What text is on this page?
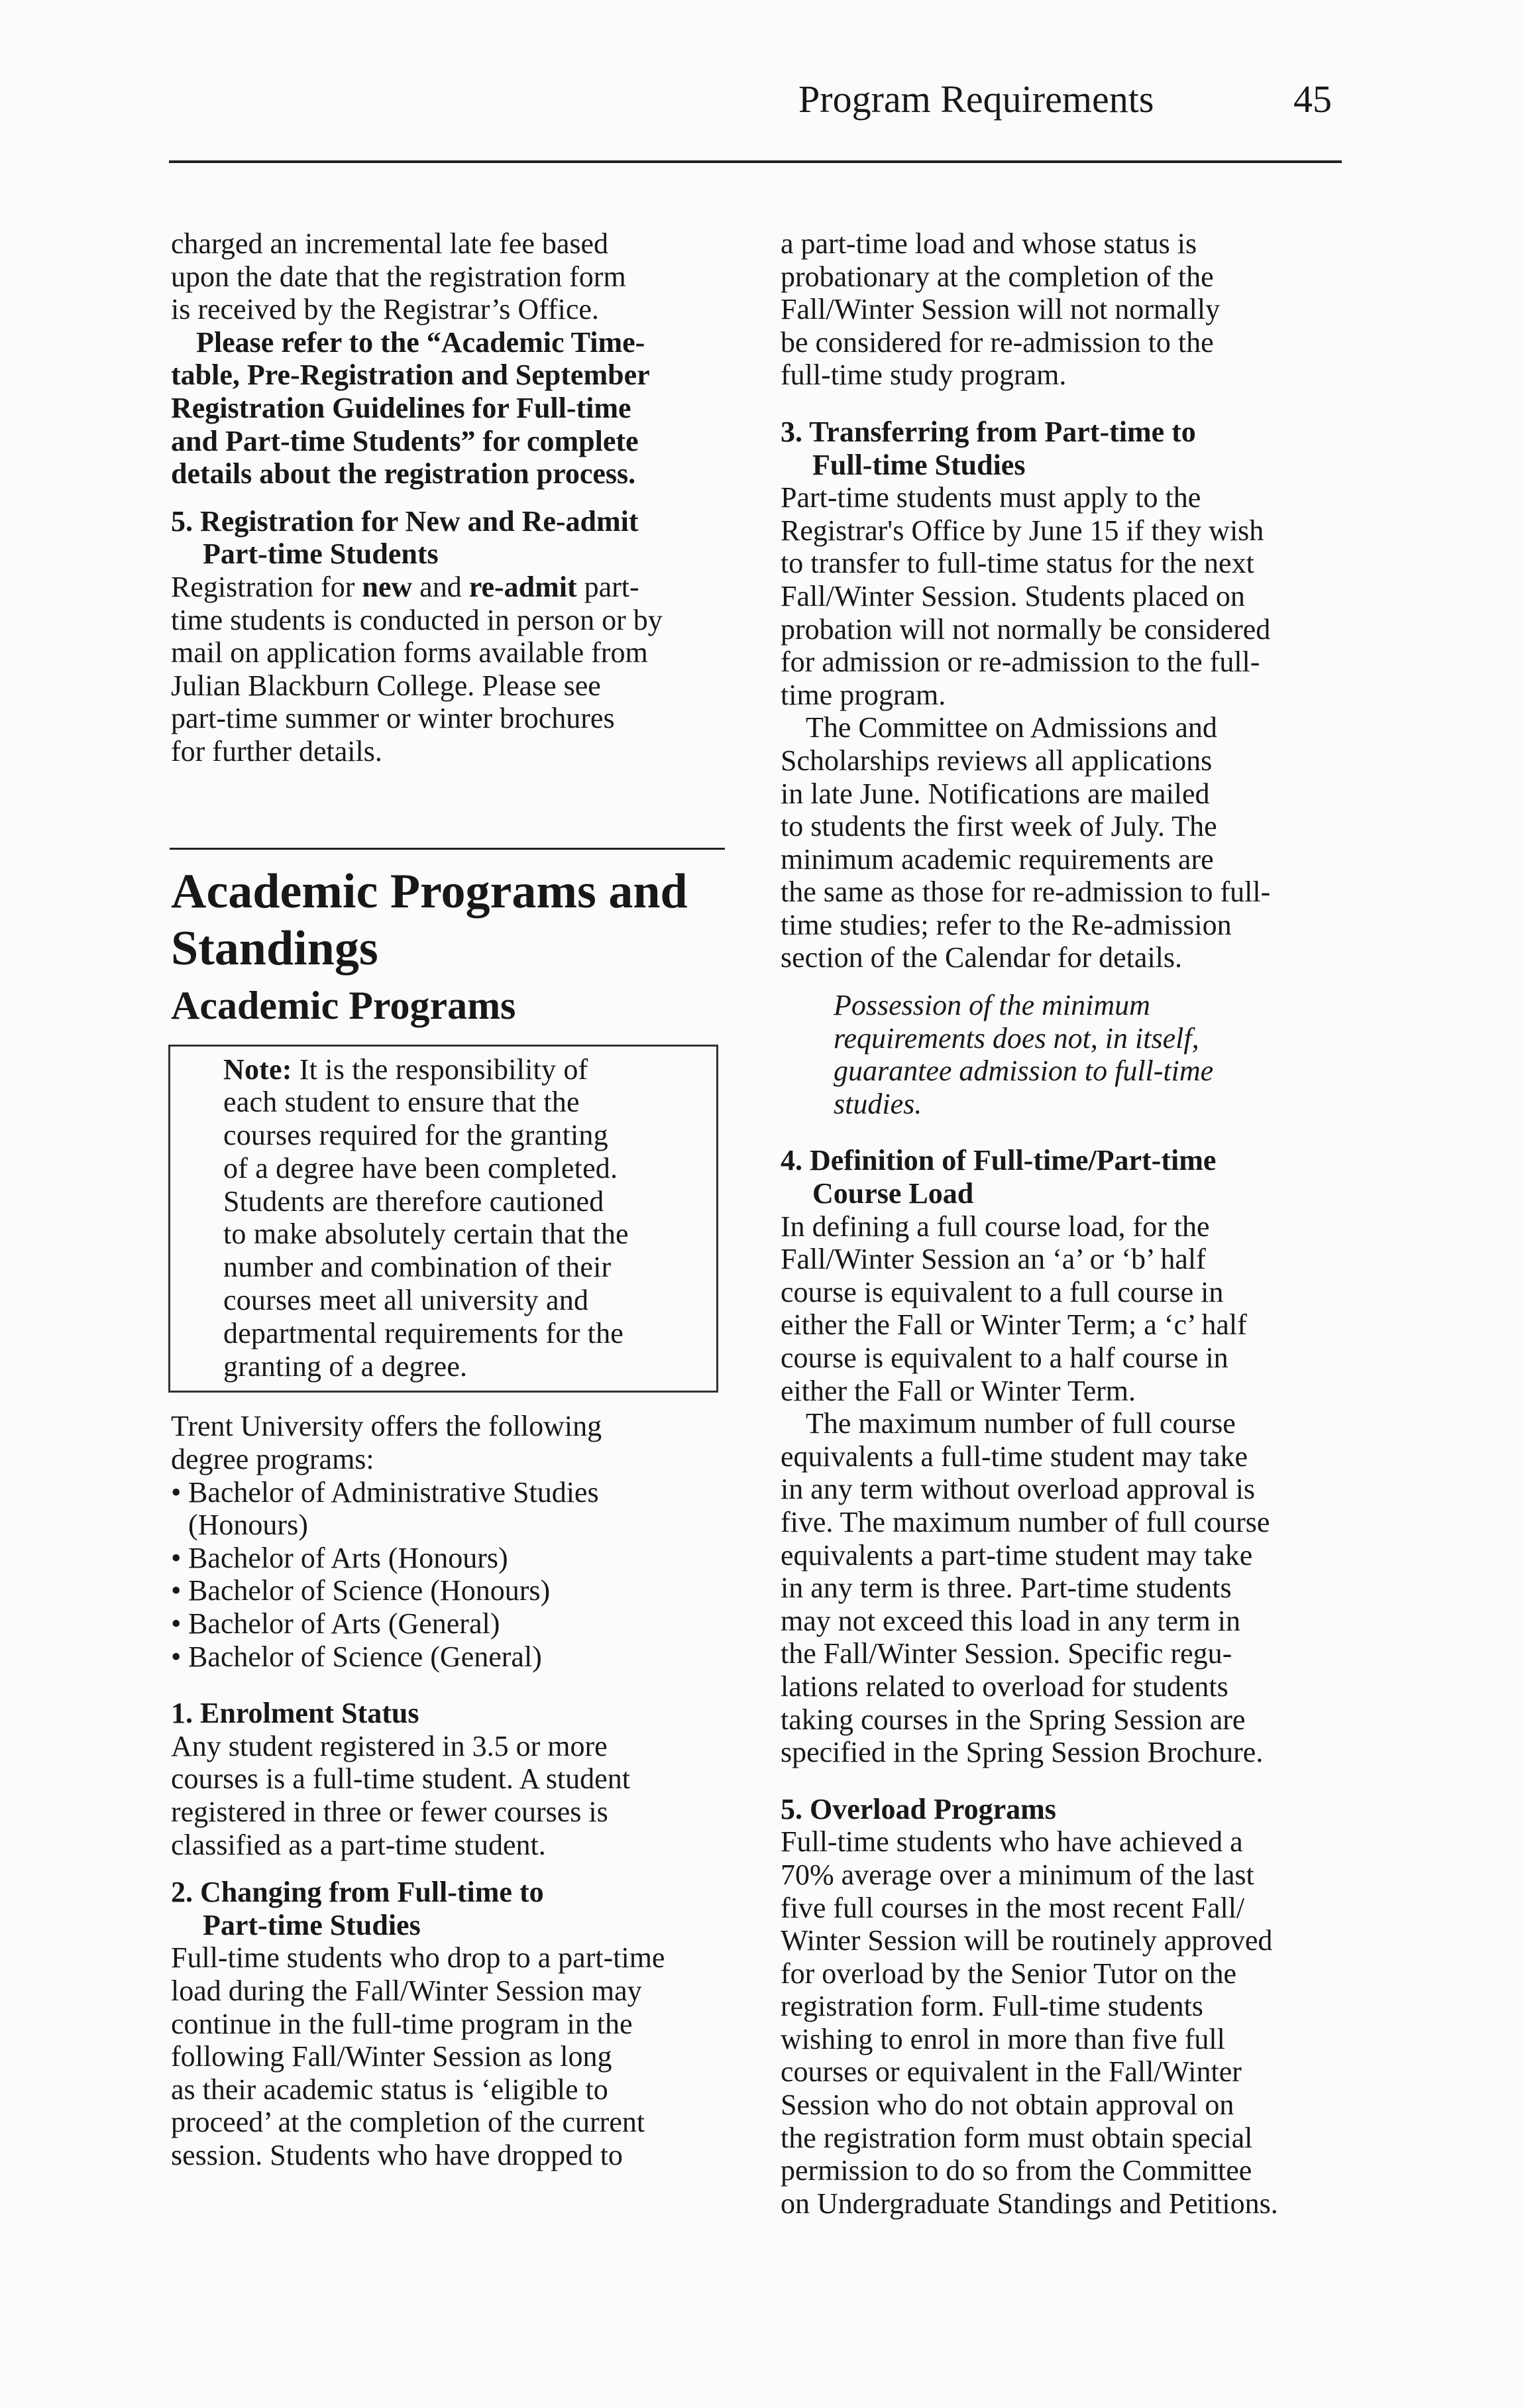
Program Requirements	45

charged an incremental late fee based
upon the date that the registration form
is received by the Registrar’s Office.

Please refer to the “Academic Time-
table, Pre-Registration and September
Registration Guidelines for Full-time
and Part-time Students” for complete
details about the registration process.

5. Registration for New and Re-admit
Part-time Students

Registration for new and re-admit part-
time students is conducted in person or by
mail on application forms available from
Julian Blackburn College. Please see
part-time summer or winter brochures
for further details.

Academic Programs and
Standings
Academic Programs

Note: It is the responsibility of
each student to ensure that the
courses required for the granting
of a degree have been completed.
Students are therefore cautioned
to make absolutely certain that the
number and combination of their
courses meet all university and
departmental requirements for the
granting of a degree.

Trent University offers the following
degree programs:

• Bachelor of Administrative Studies
(Honours)
• Bachelor of Arts (Honours)
• Bachelor of Science (Honours)
• Bachelor of Arts (General)
• Bachelor of Science (General)

1. Enrolment Status

Any student registered in 3.5 or more
courses is a full-time student. A student
registered in three or fewer courses is
classified as a part-time student.

2. Changing from Full-time to
Part-time Studies

Full-time students who drop to a part-time
load during the Fall/Winter Session may
continue in the full-time program in the
following Fall/Winter Session as long
as their academic status is ‘eligible to
proceed’ at the completion of the current
session. Students who have dropped to

a part-time load and whose status is
probationary at the completion of the
Fall/Winter Session will not normally
be considered for re-admission to the
full-time study program.

3. Transferring from Part-time to
Full-time Studies

Part-time students must apply to the
Registrar's Office by June 15 if they wish
to transfer to full-time status for the next
Fall/Winter Session. Students placed on
probation will not normally be considered
for admission or re-admission to the full-
time program.

The Committee on Admissions and
Scholarships reviews all applications
in late June. Notifications are mailed
to students the first week of July. The
minimum academic requirements are
the same as those for re-admission to full-
time studies; refer to the Re-admission
section of the Calendar for details.

Possession of the minimum
requirements does not, in itself,
guarantee admission to full-time
studies.

4. Definition of Full-time/Part-time
Course Load

In defining a full course load, for the
Fall/Winter Session an ‘a’ or ‘b’ half
course is equivalent to a full course in
either the Fall or Winter Term; a ‘c’ half
course is equivalent to a half course in
either the Fall or Winter Term.

The maximum number of full course
equivalents a full-time student may take
in any term without overload approval is
five. The maximum number of full course
equivalents a part-time student may take
in any term is three. Part-time students
may not exceed this load in any term in
the Fall/Winter Session. Specific regu-
lations related to overload for students
taking courses in the Spring Session are
specified in the Spring Session Brochure.

5. Overload Programs

Full-time students who have achieved a
70% average over a minimum of the last
five full courses in the most recent Fall/
Winter Session will be routinely approved
for overload by the Senior Tutor on the
registration form. Full-time students
wishing to enrol in more than five full
courses or equivalent in the Fall/Winter
Session who do not obtain approval on
the registration form must obtain special
permission to do so from the Committee
on Undergraduate Standings and Petitions.
